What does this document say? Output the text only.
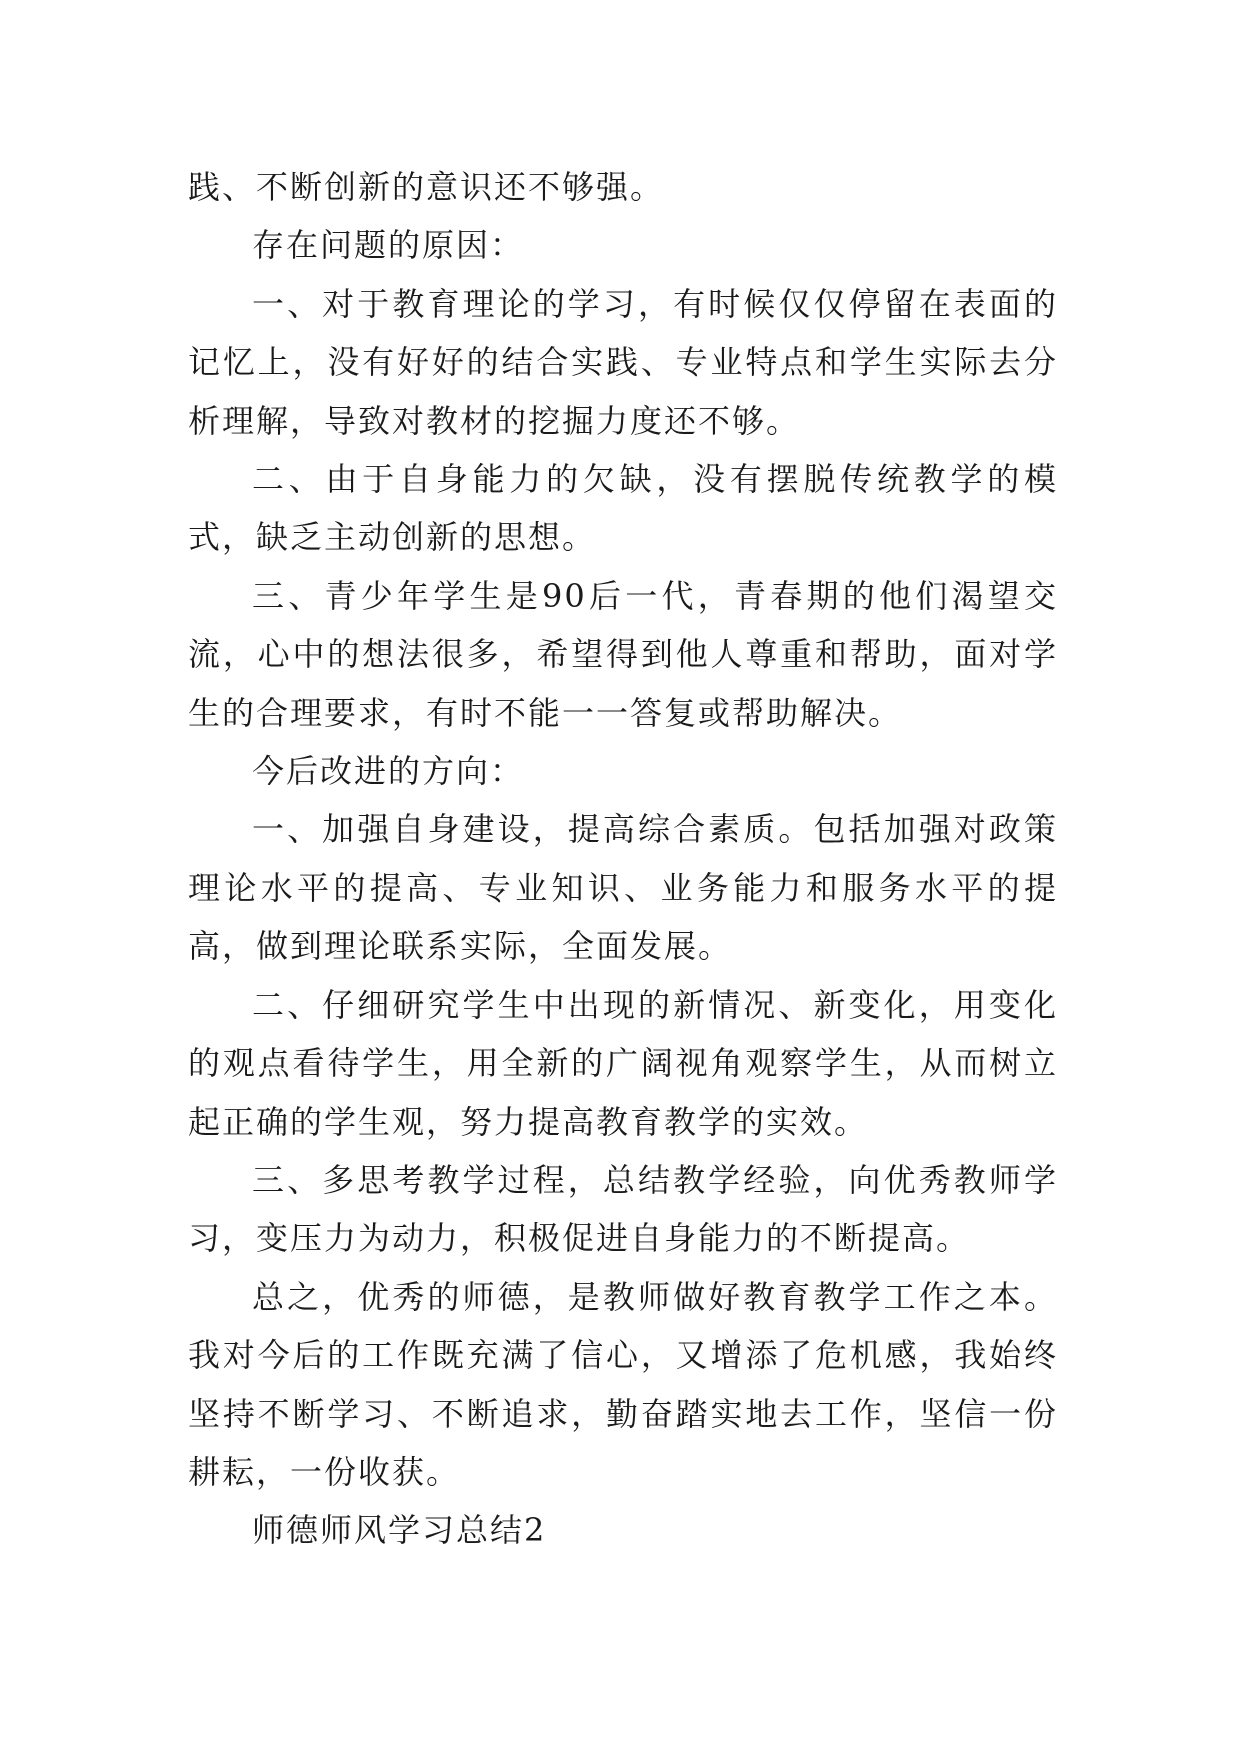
践、不断创新的意识还不够强。

存在问题的原因：

一、对于教育理论的学习，有时候仅仅停留在表面的记忆上，没有好好的结合实践、专业特点和学生实际去分析理解，导致对教材的挖掘力度还不够。

二、由于自身能力的欠缺，没有摆脱传统教学的模式，缺乏主动创新的思想。

三、青少年学生是90后一代，青春期的他们渴望交流，心中的想法很多，希望得到他人尊重和帮助，面对学生的合理要求，有时不能一一答复或帮助解决。

今后改进的方向：

一、加强自身建设，提高综合素质。包括加强对政策理论水平的提高、专业知识、业务能力和服务水平的提高，做到理论联系实际，全面发展。

二、仔细研究学生中出现的新情况、新变化，用变化的观点看待学生，用全新的广阔视角观察学生，从而树立起正确的学生观，努力提高教育教学的实效。

三、多思考教学过程，总结教学经验，向优秀教师学习，变压力为动力，积极促进自身能力的不断提高。

总之，优秀的师德，是教师做好教育教学工作之本。我对今后的工作既充满了信心，又增添了危机感，我始终坚持不断学习、不断追求，勤奋踏实地去工作，坚信一份耕耘，一份收获。

师德师风学习总结2
